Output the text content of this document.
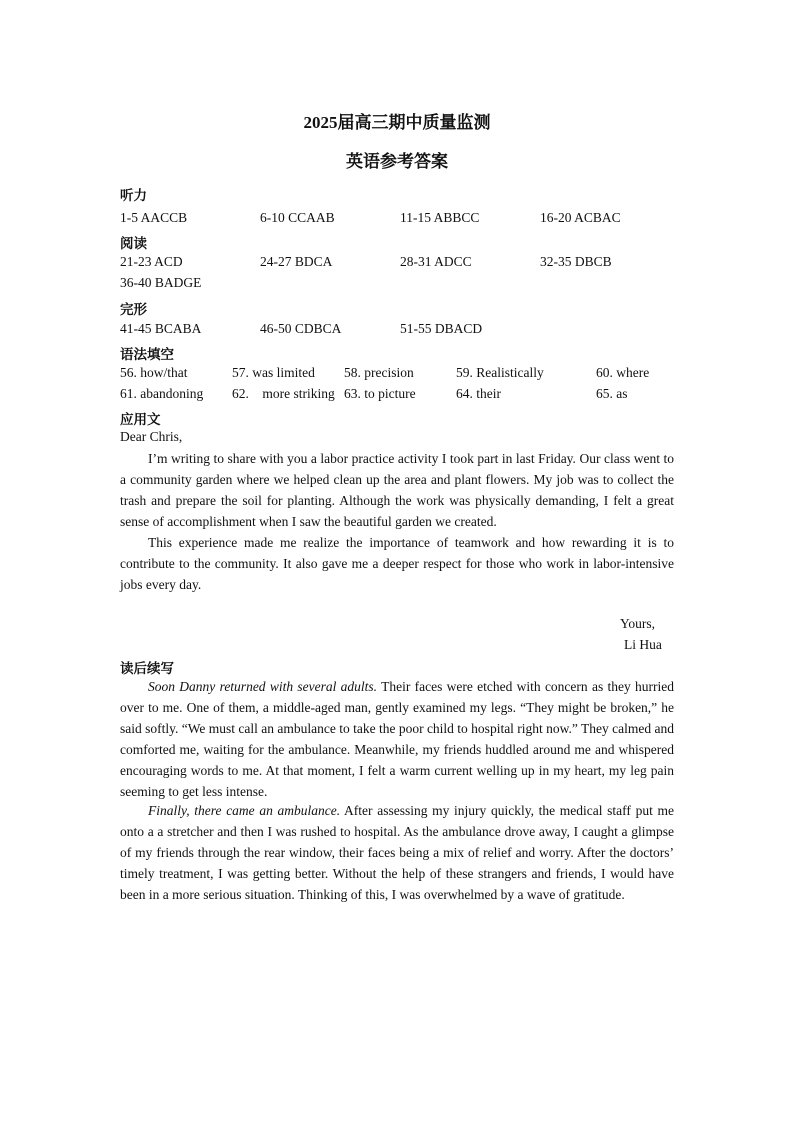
2025届高三期中质量监测
英语参考答案
听力
1-5 AACCB	6-10 CCAAB	11-15 ABBCC	16-20 ACBAC
阅读
21-23 ACD	24-27 BDCA	28-31 ADCC	32-35 DBCB
36-40 BADGE
完形
41-45 BCABA	46-50 CDBCA	51-55 DBACD
语法填空
56. how/that	57. was limited 58. precision	59. Realistically	60. where
61. abandoning 62.    more striking 63. to picture	64. their	65. as
应用文
Dear Chris,

I’m writing to share with you a labor practice activity I took part in last Friday. Our class went to a community garden where we helped clean up the area and plant flowers. My job was to collect the trash and prepare the soil for planting. Although the work was physically demanding, I felt a great sense of accomplishment when I saw the beautiful garden we created.

This experience made me realize the importance of teamwork and how rewarding it is to contribute to the community. It also gave me a deeper respect for those who work in labor-intensive jobs every day.

Yours,
Li Hua
读后续写

Soon Danny returned with several adults. Their faces were etched with concern as they hurried over to me. One of them, a middle-aged man, gently examined my legs. “They might be broken,” he said softly. “We must call an ambulance to take the poor child to hospital right now.” They calmed and comforted me, waiting for the ambulance. Meanwhile, my friends huddled around me and whispered encouraging words to me. At that moment, I felt a warm current welling up in my heart, my leg pain seeming to get less intense.

Finally, there came an ambulance. After assessing my injury quickly, the medical staff put me onto a a stretcher and then I was rushed to hospital. As the ambulance drove away, I caught a glimpse of my friends through the rear window, their faces being a mix of relief and worry. After the doctors’ timely treatment, I was getting better. Without the help of these strangers and friends, I would have been in a more serious situation. Thinking of this, I was overwhelmed by a wave of gratitude.
